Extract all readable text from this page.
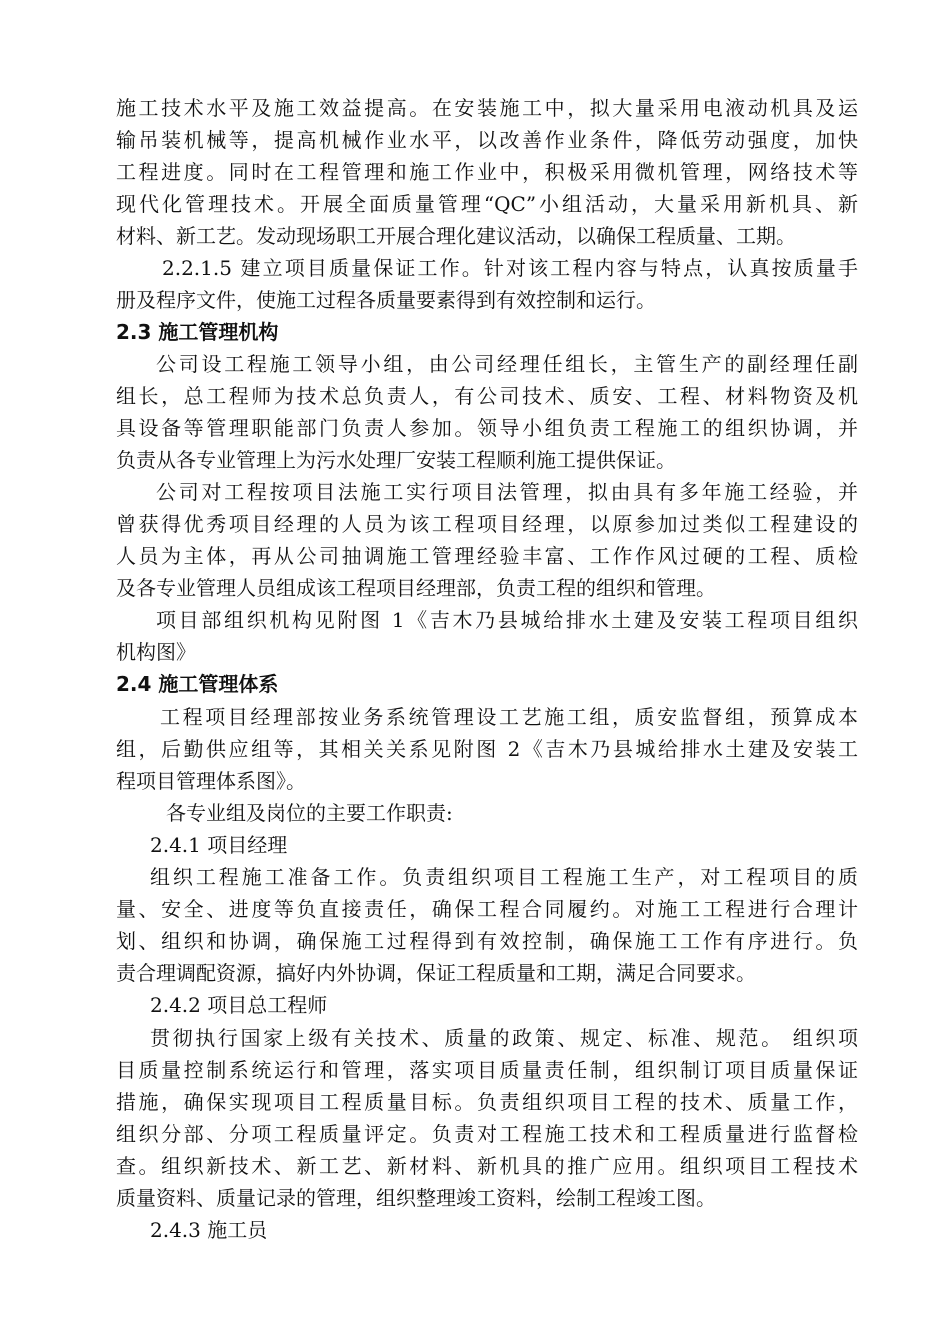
施工技术水平及施工效益提高。在安装施工中，拟大量采用电液动机具及运
输吊装机械等，提高机械作业水平，以改善作业条件，降低劳动强度，加快
工程进度。同时在工程管理和施工作业中，积极采用微机管理，网络技术等
现代化管理技术。开展全面质量管理“QC”小组活动，大量采用新机具、新
材料、新工艺。发动现场职工开展合理化建议活动，以确保工程质量、工期。
2.2.1.5 建立项目质量保证工作。针对该工程内容与特点，认真按质量手
册及程序文件，使施工过程各质量要素得到有效控制和运行。
2.3 施工管理机构
公司设工程施工领导小组，由公司经理任组长，主管生产的副经理任副
组长，总工程师为技术总负责人，有公司技术、质安、工程、材料物资及机
具设备等管理职能部门负责人参加。领导小组负责工程施工的组织协调，并
负责从各专业管理上为污水处理厂安装工程顺利施工提供保证。
公司对工程按项目法施工实行项目法管理，拟由具有多年施工经验，并
曾获得优秀项目经理的人员为该工程项目经理，以原参加过类似工程建设的
人员为主体，再从公司抽调施工管理经验丰富、工作作风过硬的工程、质检
及各专业管理人员组成该工程项目经理部，负责工程的组织和管理。
项目部组织机构见附图 1《吉木乃县城给排水土建及安装工程项目组织
机构图》
2.4 施工管理体系
工程项目经理部按业务系统管理设工艺施工组，质安监督组，预算成本
组，后勤供应组等，其相关关系见附图 2《吉木乃县城给排水土建及安装工
程项目管理体系图》。
各专业组及岗位的主要工作职责:
2.4.1 项目经理
组织工程施工准备工作。负责组织项目工程施工生产，对工程项目的质
量、安全、进度等负直接责任，确保工程合同履约。对施工工程进行合理计
划、组织和协调，确保施工过程得到有效控制，确保施工工作有序进行。负
责合理调配资源，搞好内外协调，保证工程质量和工期，满足合同要求。
2.4.2 项目总工程师
贯彻执行国家上级有关技术、质量的政策、规定、标准、规范。 组织项
目质量控制系统运行和管理，落实项目质量责任制，组织制订项目质量保证
措施，确保实现项目工程质量目标。负责组织项目工程的技术、质量工作，
组织分部、分项工程质量评定。负责对工程施工技术和工程质量进行监督检
查。组织新技术、新工艺、新材料、新机具的推广应用。组织项目工程技术
质量资料、质量记录的管理，组织整理竣工资料，绘制工程竣工图。
2.4.3 施工员
